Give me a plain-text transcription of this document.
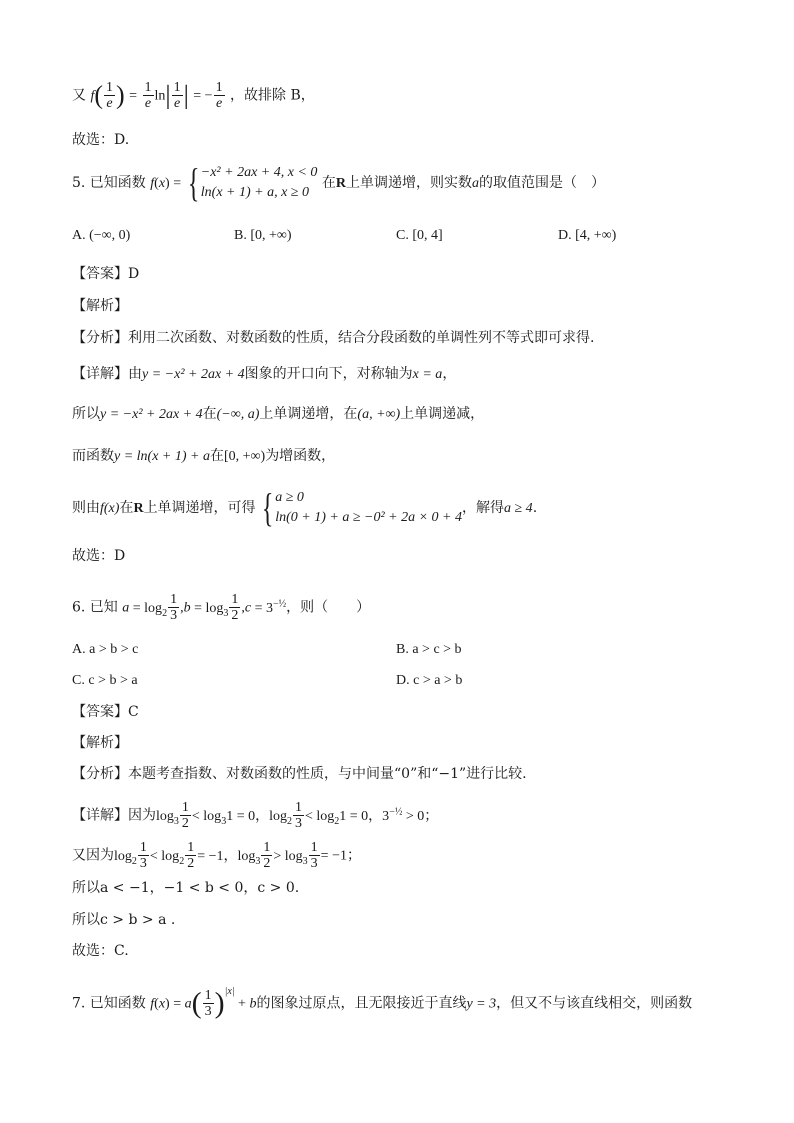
又 $f( \frac{1}{e}$ ) = $\frac{1}{e} \ln| \frac{1}{e}$ | = − $\frac{1}{e}$ ，故排除 B，
故选：D.
5. 已知函数 f(x) = { −x² + 2ax + 4, x < 0
ln(x + 1) + a, x ≥ 0
在R上单调递增，则实数a的取值范围是（　）
A. (−∞, 0)	B. [0, +∞)	C. [0, 4]	D. [4, +∞)
【答案】D
【解析】
【分析】利用二次函数、对数函数的性质，结合分段函数的单调性列不等式即可求得.
【详解】由y = −x² + 2ax + 4图象的开口向下，对称轴为x = a，
所以y = −x² + 2ax + 4在(−∞, a)上单调递增，在(a, +∞)上单调递减，
而函数y = ln(x + 1) + a在[0, +∞)为增函数，
则由f(x)在R上单调递增，可得 { a ≥ 0
ln(0 + 1) + a ≥ −0² + 2a × 0 + 4
，解得a ≥ 4.
故选：D
6. 已知 $a = \log_2 \frac{1}{3} ,b = \log_3 \frac{1}{2} ,c = 3^{-\frac{1}{2}}$，则（　　）
A. a > b > c	B. a > c > b
C. c > b > a	D. c > a > b
【答案】C
【解析】
【分析】本题考查指数、对数函数的性质，与中间量“0”和“−1”进行比较.
【详解】因为$\log_3 \frac{1}{2} < \log_31 = 0$，$\log_2 \frac{1}{3} < \log_21 = 0$，$3^{-\frac{1}{2}} > 0$；
又因为$\log_2 \frac{1}{3} < \log_2 \frac{1}{2} = -1$，$\log_3 \frac{1}{2} > \log_3 \frac{1}{3} = -1$；
所以a < −1，−1 < b < 0，c > 0.
所以c > b > a .
故选：C.
7. 已知函数 $f(x) = a( \frac{1}{3} )^{|x|} + b$的图象过原点，且无限接近于直线y = 3，但又不与该直线相交，则函数
